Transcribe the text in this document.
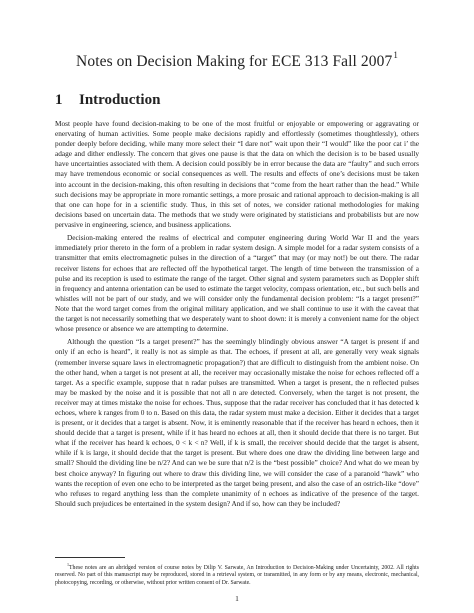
Notes on Decision Making for ECE 313 Fall 2007$^1$
1 Introduction

Most people have found decision-making to be one of the most fruitful or enjoyable or empowering or aggravating or enervating of human activities. Some people make decisions rapidly and effortlessly (sometimes thoughtlessly), others ponder deeply before deciding, while many more select their “I dare not” wait upon their “I would” like the poor cat i’ the adage and dither endlessly. The concern that gives one pause is that the data on which the decision is to be based usually have uncertainties associated with them. A decision could possibly be in error because the data are “faulty” and such errors may have tremendous economic or social consequences as well. The results and effects of one’s decisions must be taken into account in the decision-making, this often resulting in decisions that “come from the heart rather than the head.” While such decisions may be appropriate in more romantic settings, a more prosaic and rational approach to decision-making is all that one can hope for in a scientific study. Thus, in this set of notes, we consider rational methodologies for making decisions based on uncertain data. The methods that we study were originated by statisticians and probabilists but are now pervasive in engineering, science, and business applications.

Decision-making entered the realms of electrical and computer engineering during World War II and the years immediately prior thereto in the form of a problem in radar system design. A simple model for a radar system consists of a transmitter that emits electromagnetic pulses in the direction of a “target” that may (or may not!) be out there. The radar receiver listens for echoes that are reflected off the hypothetical target. The length of time between the transmission of a pulse and its reception is used to estimate the range of the target. Other signal and system parameters such as Doppler shift in frequency and antenna orientation can be used to estimate the target velocity, compass orientation, etc., but such bells and whistles will not be part of our study, and we will consider only the fundamental decision problem: “Is a target present?” Note that the word target comes from the original military application, and we shall continue to use it with the caveat that the target is not necessarily something that we desperately want to shoot down: it is merely a convenient name for the object whose presence or absence we are attempting to determine.

Although the question “Is a target present?” has the seemingly blindingly obvious answer “A target is present if and only if an echo is heard”, it really is not as simple as that. The echoes, if present at all, are generally very weak signals (remember inverse square laws in electromagnetic propagation?) that are difficult to distinguish from the ambient noise. On the other hand, when a target is not present at all, the receiver may occasionally mistake the noise for echoes reflected off a target. As a specific example, suppose that n radar pulses are transmitted. When a target is present, the n reflected pulses may be masked by the noise and it is possible that not all n are detected. Conversely, when the target is not present, the receiver may at times mistake the noise for echoes. Thus, suppose that the radar receiver has concluded that it has detected k echoes, where k ranges from 0 to n. Based on this data, the radar system must make a decision. Either it decides that a target is present, or it decides that a target is absent. Now, it is eminently reasonable that if the receiver has heard n echoes, then it should decide that a target is present, while if it has heard no echoes at all, then it should decide that there is no target. But what if the receiver has heard k echoes, 0 < k < n? Well, if k is small, the receiver should decide that the target is absent, while if k is large, it should decide that the target is present. But where does one draw the dividing line between large and small? Should the dividing line be n/2? And can we be sure that n/2 is the “best possible” choice? And what do we mean by best choice anyway? In figuring out where to draw this dividing line, we will consider the case of a paranoid “hawk” who wants the reception of even one echo to be interpreted as the target being present, and also the case of an ostrich-like “dove” who refuses to regard anything less than the complete unanimity of n echoes as indicative of the presence of the target. Should such prejudices be entertained in the system design? And if so, how can they be included?

$^1$These notes are an abridged version of course notes by Dilip V. Sarwate, An Introduction to Decision-Making under Uncertainty, 2002. All rights reserved. No part of this manuscript may be reproduced, stored in a retrieval system, or transmitted, in any form or by any means, electronic, mechanical, photocopying, recording, or otherwise, without prior written consent of Dr. Sarwate.
1
